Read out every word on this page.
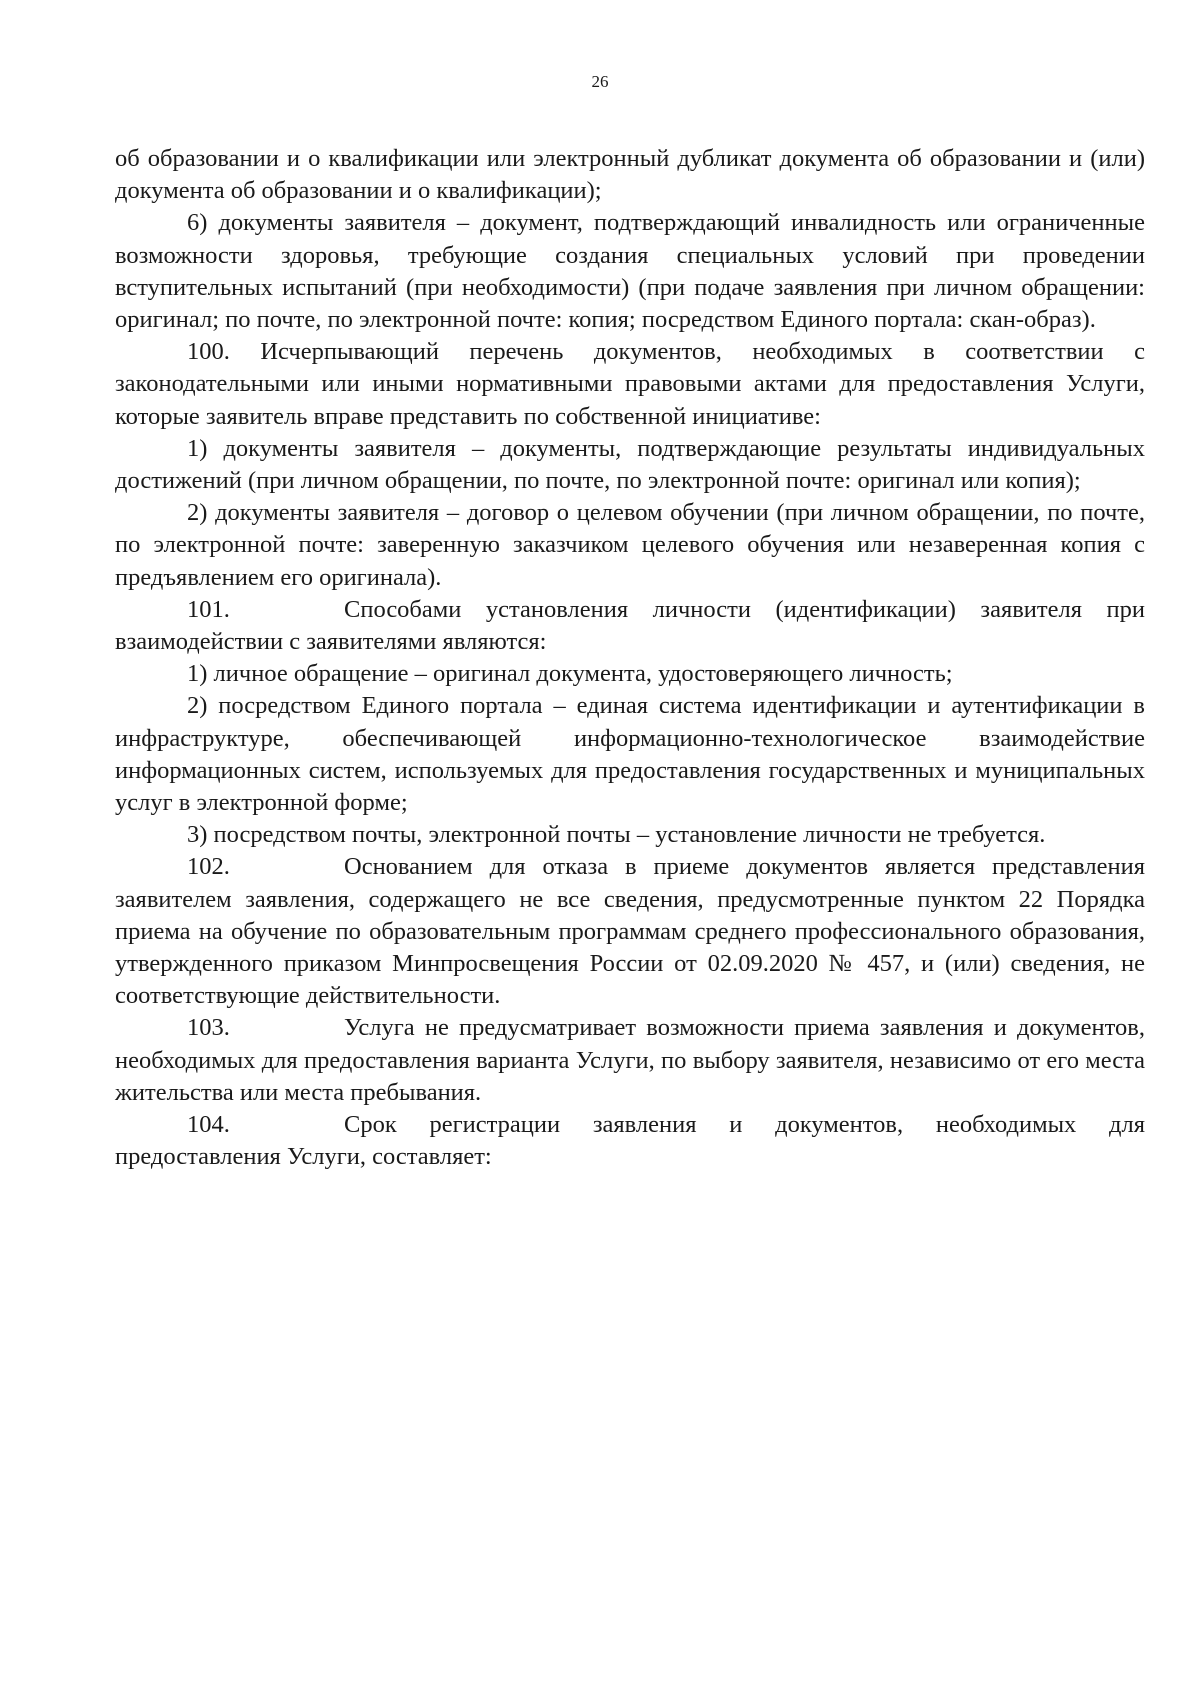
26

об образовании и о квалификации или электронный дубликат документа об образовании и (или) документа об образовании и о квалификации);

6) документы заявителя – документ, подтверждающий инвалидность или ограниченные возможности здоровья, требующие создания специальных условий при проведении вступительных испытаний (при необходимости) (при подаче заявления при личном обращении: оригинал; по почте, по электронной почте: копия; посредством Единого портала: скан-образ).

100. Исчерпывающий перечень документов, необходимых в соответствии с законодательными или иными нормативными правовыми актами для предоставления Услуги, которые заявитель вправе представить по собственной инициативе:

1) документы заявителя – документы, подтверждающие результаты индивидуальных достижений (при личном обращении, по почте, по электронной почте: оригинал или копия);

2) документы заявителя – договор о целевом обучении (при личном обращении, по почте, по электронной почте: заверенную заказчиком целевого обучения или незаверенная копия с предъявлением его оригинала).

101.	Способами установления личности (идентификации) заявителя при взаимодействии с заявителями являются:

1) личное обращение – оригинал документа, удостоверяющего личность;

2) посредством Единого портала – единая система идентификации и аутентификации в инфраструктуре, обеспечивающей информационно-технологическое взаимодействие информационных систем, используемых для предоставления государственных и муниципальных услуг в электронной форме;

3) посредством почты, электронной почты – установление личности не требуется.

102.	Основанием для отказа в приеме документов является представления заявителем заявления, содержащего не все сведения, предусмотренные пунктом 22 Порядка приема на обучение по образовательным программам среднего профессионального образования, утвержденного приказом Минпросвещения России от 02.09.2020 № 457, и (или) сведения, не соответствующие действительности.

103.	Услуга не предусматривает возможности приема заявления и документов, необходимых для предоставления варианта Услуги, по выбору заявителя, независимо от его места жительства или места пребывания.

104.	Срок регистрации заявления и документов, необходимых для предоставления Услуги, составляет:
